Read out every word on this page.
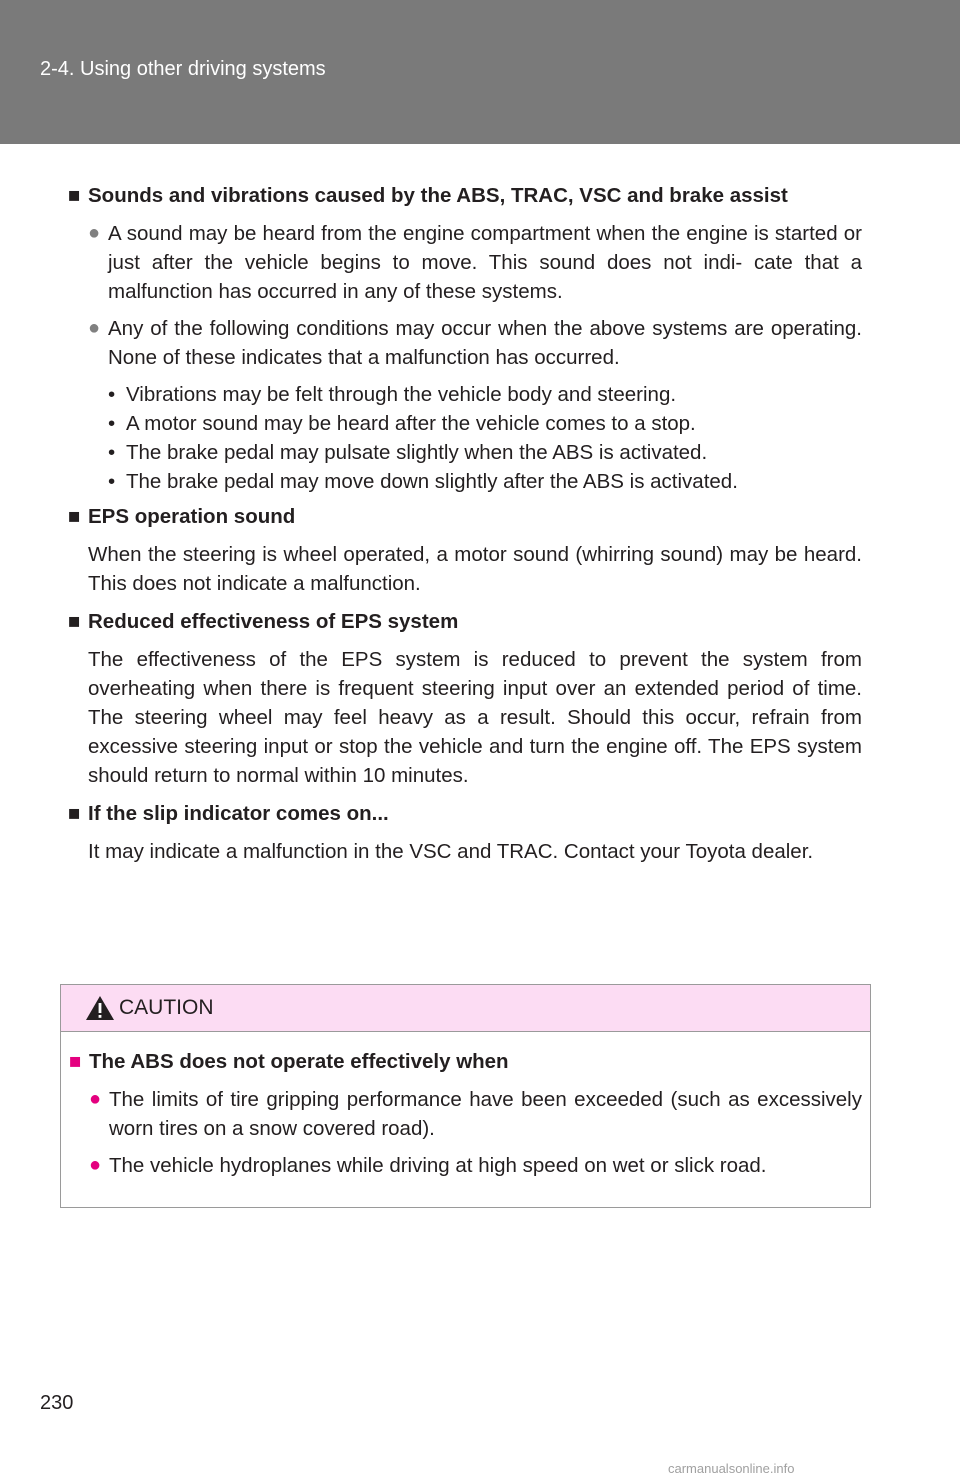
2-4. Using other driving systems
■ Sounds and vibrations caused by the ABS, TRAC, VSC and brake assist
● A sound may be heard from the engine compartment when the engine is started or just after the vehicle begins to move. This sound does not indi- cate that a malfunction has occurred in any of these systems.
● Any of the following conditions may occur when the above systems are operating. None of these indicates that a malfunction has occurred.
• Vibrations may be felt through the vehicle body and steering.
• A motor sound may be heard after the vehicle comes to a stop.
• The brake pedal may pulsate slightly when the ABS is activated.
• The brake pedal may move down slightly after the ABS is activated.
■ EPS operation sound
When the steering is wheel operated, a motor sound (whirring sound) may be heard. This does not indicate a malfunction.
■ Reduced effectiveness of EPS system
The effectiveness of the EPS system is reduced to prevent the system from overheating when there is frequent steering input over an extended period of time. The steering wheel may feel heavy as a result. Should this occur, refrain from excessive steering input or stop the vehicle and turn the engine off. The EPS system should return to normal within 10 minutes.
■ If the slip indicator comes on...
It may indicate a malfunction in the VSC and TRAC. Contact your Toyota dealer.
CAUTION
■ The ABS does not operate effectively when
● The limits of tire gripping performance have been exceeded (such as excessively worn tires on a snow covered road).
● The vehicle hydroplanes while driving at high speed on wet or slick road.
230
carmanualsonline.info
